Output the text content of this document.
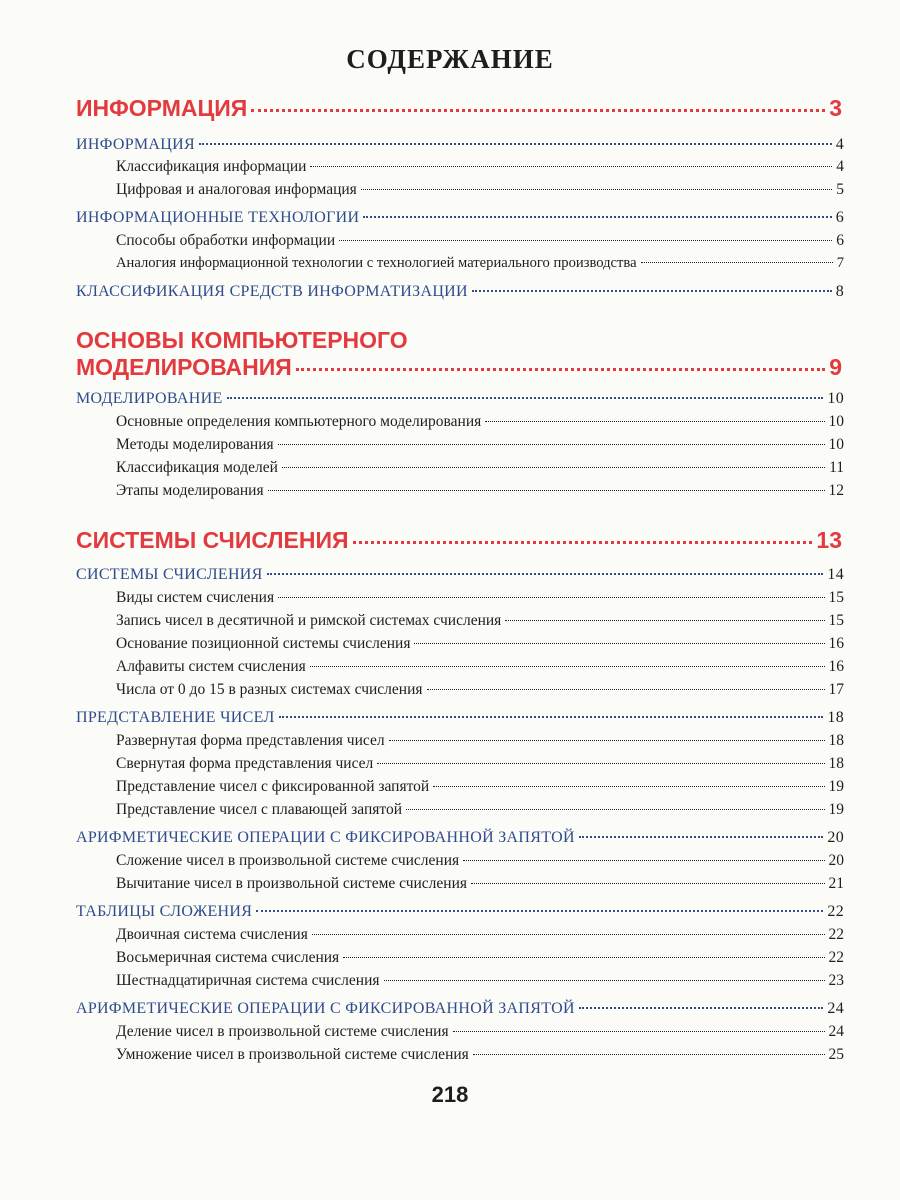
СОДЕРЖАНИЕ
ИНФОРМАЦИЯ	3
ИНФОРМАЦИЯ	4
Классификация информации	4
Цифровая и аналоговая информация	5
ИНФОРМАЦИОННЫЕ ТЕХНОЛОГИИ	6
Способы обработки информации	6
Аналогия информационной технологии с технологией материального производства	7
КЛАССИФИКАЦИЯ СРЕДСТВ ИНФОРМАТИЗАЦИИ	8
ОСНОВЫ КОМПЬЮТЕРНОГО
МОДЕЛИРОВАНИЯ	9
МОДЕЛИРОВАНИЕ	10
Основные определения компьютерного моделирования	10
Методы моделирования	10
Классификация моделей	11
Этапы моделирования	12
СИСТЕМЫ СЧИСЛЕНИЯ	13
СИСТЕМЫ СЧИСЛЕНИЯ	14
Виды систем счисления	15
Запись чисел в десятичной и римской системах счисления	15
Основание позиционной системы счисления	16
Алфавиты систем счисления	16
Числа от 0 до 15 в разных системах счисления	17
ПРЕДСТАВЛЕНИЕ ЧИСЕЛ	18
Развернутая форма представления чисел	18
Свернутая форма представления чисел	18
Представление чисел с фиксированной запятой	19
Представление чисел с плавающей запятой	19
АРИФМЕТИЧЕСКИЕ ОПЕРАЦИИ С ФИКСИРОВАННОЙ ЗАПЯТОЙ	20
Сложение чисел в произвольной системе счисления	20
Вычитание чисел в произвольной системе счисления	21
ТАБЛИЦЫ СЛОЖЕНИЯ	22
Двоичная система счисления	22
Восьмеричная система счисления	22
Шестнадцатиричная система счисления	23
АРИФМЕТИЧЕСКИЕ ОПЕРАЦИИ С ФИКСИРОВАННОЙ ЗАПЯТОЙ	24
Деление чисел в произвольной системе счисления	24
Умножение чисел в произвольной системе счисления	25
218
